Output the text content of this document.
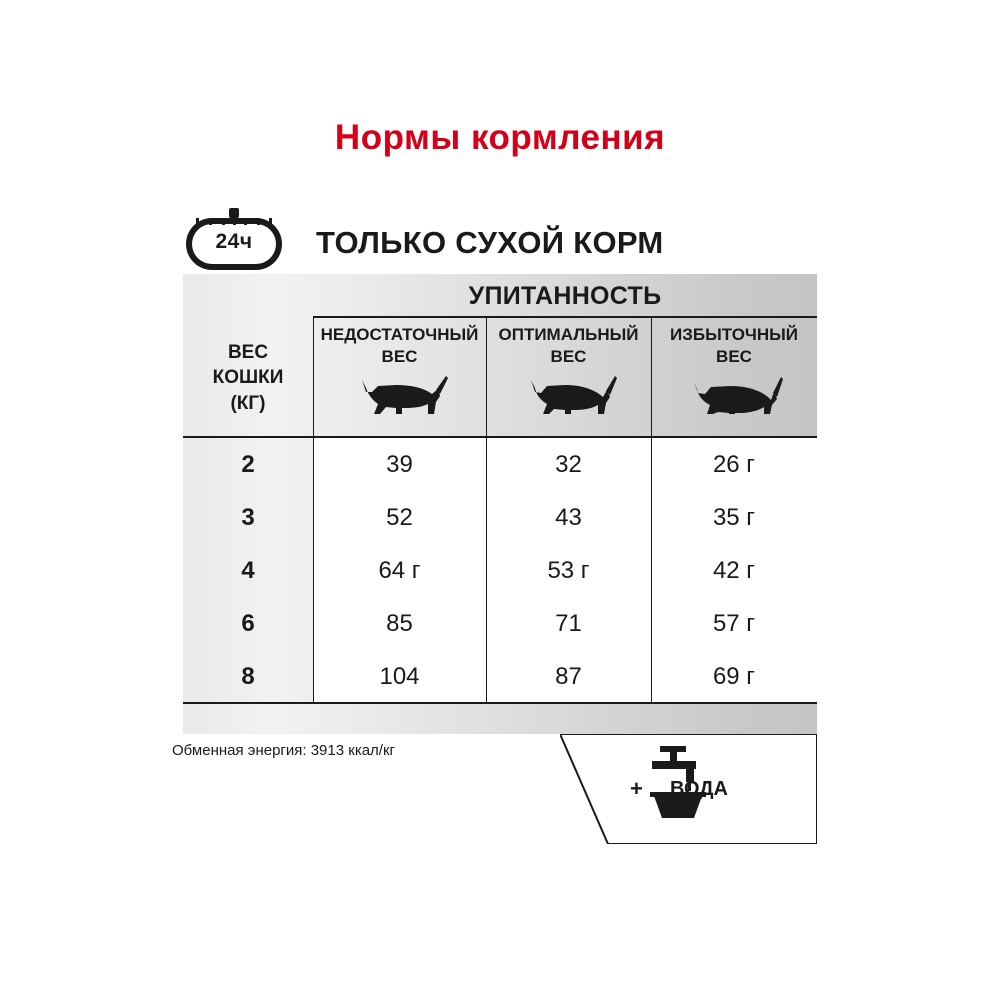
Нормы кормления
24ч	ТОЛЬКО СУХОЙ КОРМ
УПИТАННОСТЬ
ВЕС
КОШКИ
(КГ)
НЕДОСТАТОЧНЫЙ
ВЕС
ОПТИМАЛЬНЫЙ
ВЕС
ИЗБЫТОЧНЫЙ
ВЕС
2	39	32	26 г
3	52	43	35 г
4	64 г	53 г	42 г
6	85	71	57 г
8	104	87	69 г
Обменная энергия: 3913 ккал/кг
+ ВОДА
